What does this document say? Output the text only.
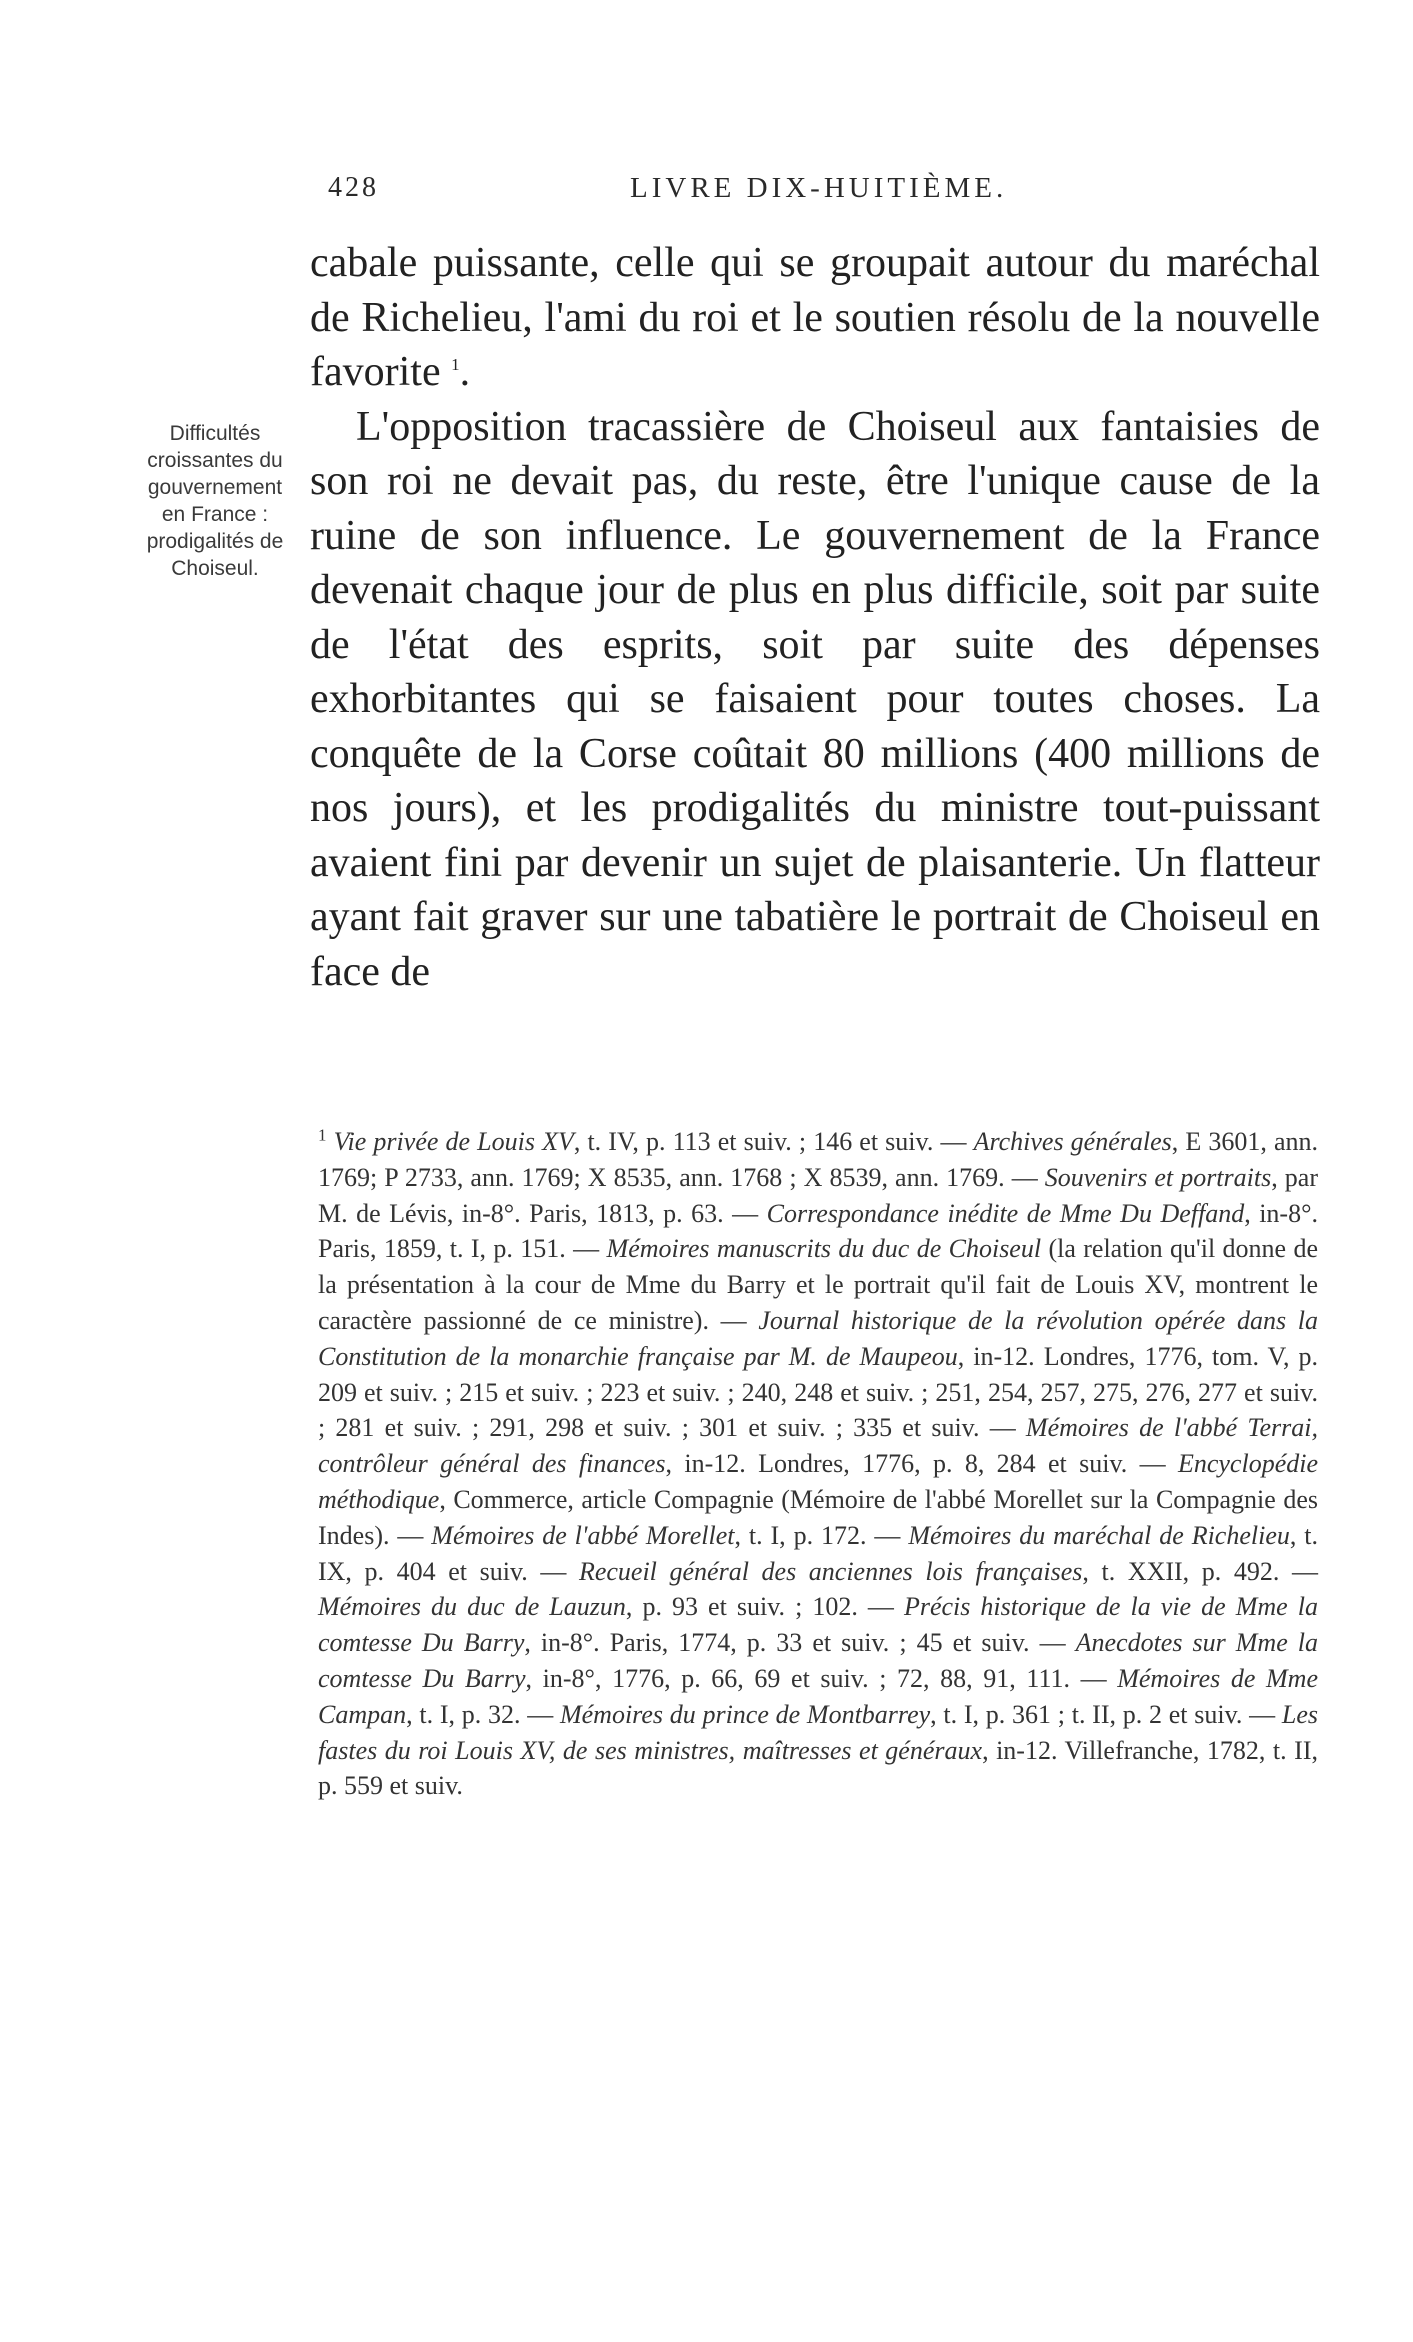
428	LIVRE DIX-HUITIÈME.
Difficultés
croissantes du
gouvernement
en France :
prodigalités de
Choiseul.

cabale puissante, celle qui se groupait autour du maréchal de Richelieu, l'ami du roi et le soutien résolu de la nouvelle favorite $^1$.

L'opposition tracassière de Choiseul aux fantaisies de son roi ne devait pas, du reste, être l'unique cause de la ruine de son influence. Le gouvernement de la France devenait chaque jour de plus en plus difficile, soit par suite de l'état des esprits, soit par suite des dépenses exhorbitantes qui se faisaient pour toutes choses. La conquête de la Corse coûtait 80 millions (400 millions de nos jours), et les prodigalités du ministre tout-puissant avaient fini par devenir un sujet de plaisanterie. Un flatteur ayant fait graver sur une tabatière le portrait de Choiseul en face de

$^1$ Vie privée de Louis XV, t. IV, p. 113 et suiv. ; 146 et suiv. — Archives générales, E 3601, ann. 1769; P 2733, ann. 1769; X 8535, ann. 1768 ; X 8539, ann. 1769. — Souvenirs et portraits, par M. de Lévis, in-8°. Paris, 1813, p. 63. — Correspondance inédite de Mme Du Deffand, in-8°. Paris, 1859, t. I, p. 151. — Mémoires manuscrits du duc de Choiseul (la relation qu'il donne de la présentation à la cour de Mme du Barry et le portrait qu'il fait de Louis XV, montrent le caractère passionné de ce ministre). — Journal historique de la révolution opérée dans la Constitution de la monarchie française par M. de Maupeou, in-12. Londres, 1776, tom. V, p. 209 et suiv. ; 215 et suiv. ; 223 et suiv. ; 240, 248 et suiv. ; 251, 254, 257, 275, 276, 277 et suiv. ; 281 et suiv. ; 291, 298 et suiv. ; 301 et suiv. ; 335 et suiv. — Mémoires de l'abbé Terrai, contrôleur général des finances, in-12. Londres, 1776, p. 8, 284 et suiv. — Encyclopédie méthodique, Commerce, article Compagnie (Mémoire de l'abbé Morellet sur la Compagnie des Indes). — Mémoires de l'abbé Morellet, t. I, p. 172. — Mémoires du maréchal de Richelieu, t. IX, p. 404 et suiv. — Recueil général des anciennes lois françaises, t. XXII, p. 492. — Mémoires du duc de Lauzun, p. 93 et suiv. ; 102. — Précis historique de la vie de Mme la comtesse Du Barry, in-8°. Paris, 1774, p. 33 et suiv. ; 45 et suiv. — Anecdotes sur Mme la comtesse Du Barry, in-8°, 1776, p. 66, 69 et suiv. ; 72, 88, 91, 111. — Mémoires de Mme Campan, t. I, p. 32. — Mémoires du prince de Montbarrey, t. I, p. 361 ; t. II, p. 2 et suiv. — Les fastes du roi Louis XV, de ses ministres, maîtresses et généraux, in-12. Villefranche, 1782, t. II, p. 559 et suiv.
